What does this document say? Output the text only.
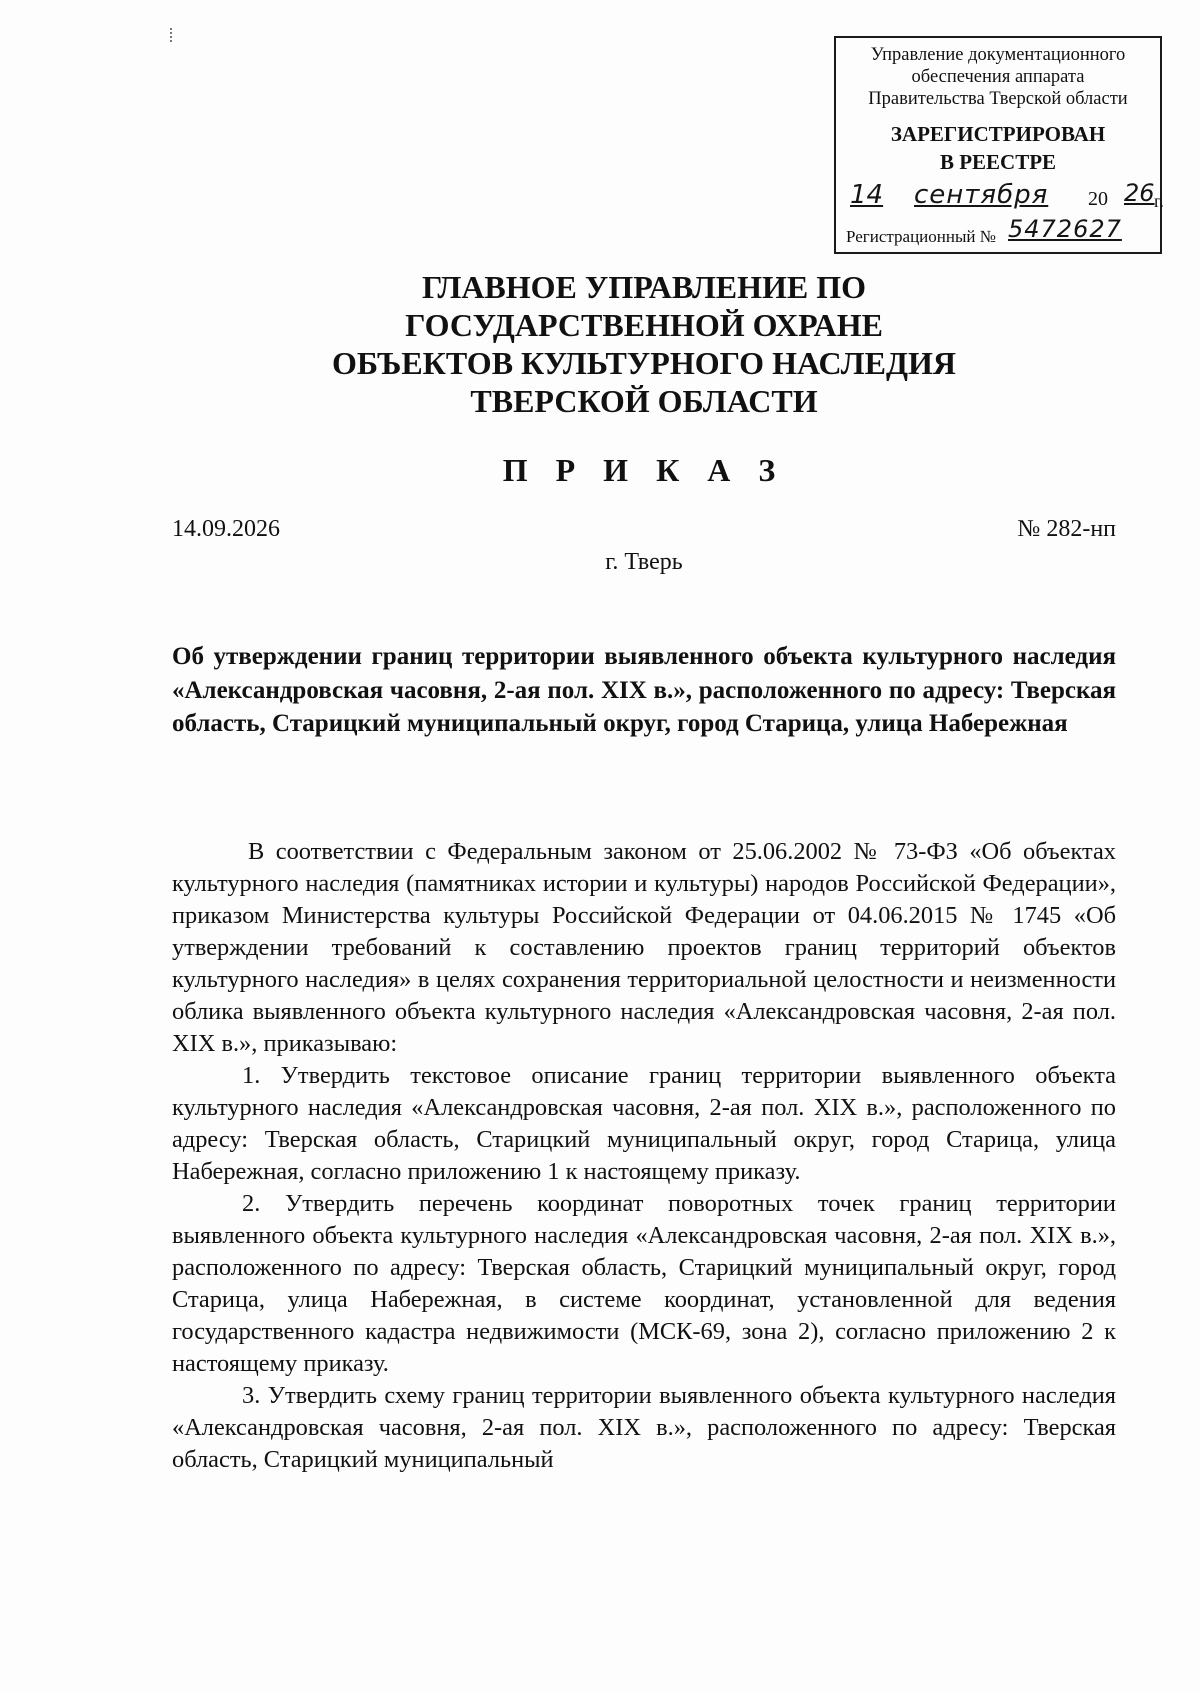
Управление документационного
обеспечения аппарата
Правительства Тверской области
ЗАРЕГИСТРИРОВАН
В РЕЕСТРЕ
14 сентября 20 26 г.
Регистрационный № 5472627
ГЛАВНОЕ УПРАВЛЕНИЕ ПО
ГОСУДАРСТВЕННОЙ ОХРАНЕ
ОБЪЕКТОВ КУЛЬТУРНОГО НАСЛЕДИЯ
ТВЕРСКОЙ ОБЛАСТИ
П Р И К А З
14.09.2026	№ 282-нп
г. Тверь
Об утверждении границ территории выявленного объекта культурного наследия «Александровская часовня, 2-ая пол. XIX в.», расположенного по адресу: Тверская область, Старицкий муниципальный округ, город Старица, улица Набережная

В соответствии с Федеральным законом от 25.06.2002 № 73-ФЗ «Об объектах культурного наследия (памятниках истории и культуры) народов Российской Федерации», приказом Министерства культуры Российской Федерации от 04.06.2015 № 1745 «Об утверждении требований к составлению проектов границ территорий объектов культурного наследия» в целях сохранения территориальной целостности и неизменности облика выявленного объекта культурного наследия «Александровская часовня, 2-ая пол. XIX в.», приказываю:

1. Утвердить текстовое описание границ территории выявленного объекта культурного наследия «Александровская часовня, 2-ая пол. XIX в.», расположенного по адресу: Тверская область, Старицкий муниципальный округ, город Старица, улица Набережная, согласно приложению 1 к настоящему приказу.

2. Утвердить перечень координат поворотных точек границ территории выявленного объекта культурного наследия «Александровская часовня, 2-ая пол. XIX в.», расположенного по адресу: Тверская область, Старицкий муниципальный округ, город Старица, улица Набережная, в системе координат, установленной для ведения государственного кадастра недвижимости (МСК-69, зона 2), согласно приложению 2 к настоящему приказу.

3. Утвердить схему границ территории выявленного объекта культурного наследия «Александровская часовня, 2-ая пол. XIX в.», расположенного по адресу: Тверская область, Старицкий муниципальный
